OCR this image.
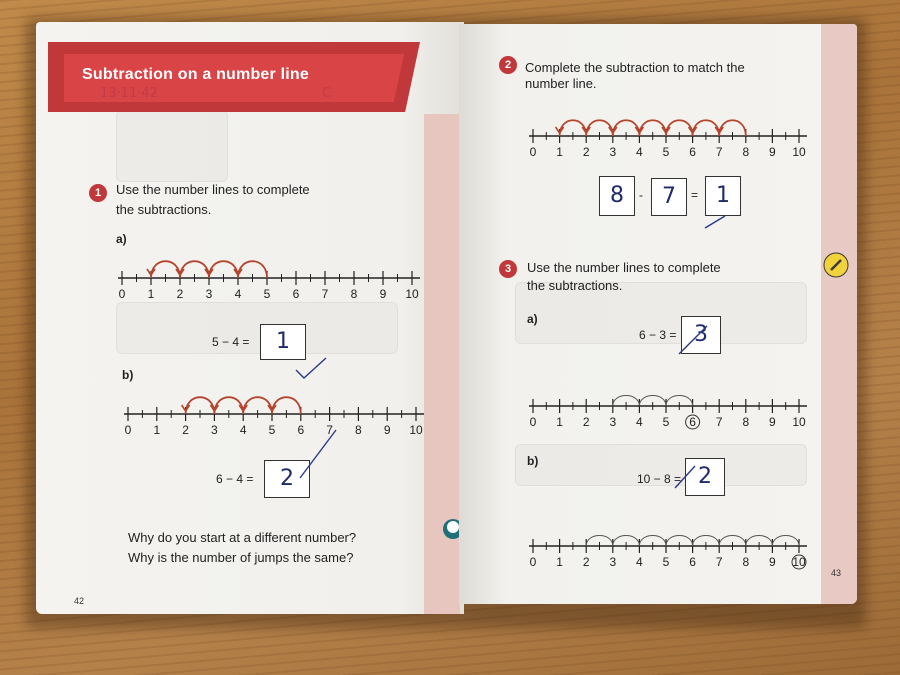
Subtraction on a number line
13·11·42	C
1	Use the number lines to complete
the subtractions.
a)
0 1 2 3 4 5 6 7 8 9 10
5 − 4 =	1
b)
0 1 2 3 4 5 6 7 8 9 10
6 − 4 =	2
Why do you start at a different number?
Why is the number of jumps the same?
42
2	Complete the subtraction to match the
number line.
0 1 2 3 4 5 6 7 8 9 10
8	- 7	= 1
3	Use the number lines to complete
the subtractions.
a)
6 − 3 = 3
0 1 2 3 4 5 6 7 8 9 10
b)
10 − 8 = 2
0 1 2 3 4 5 6 7 8 9 10
43
